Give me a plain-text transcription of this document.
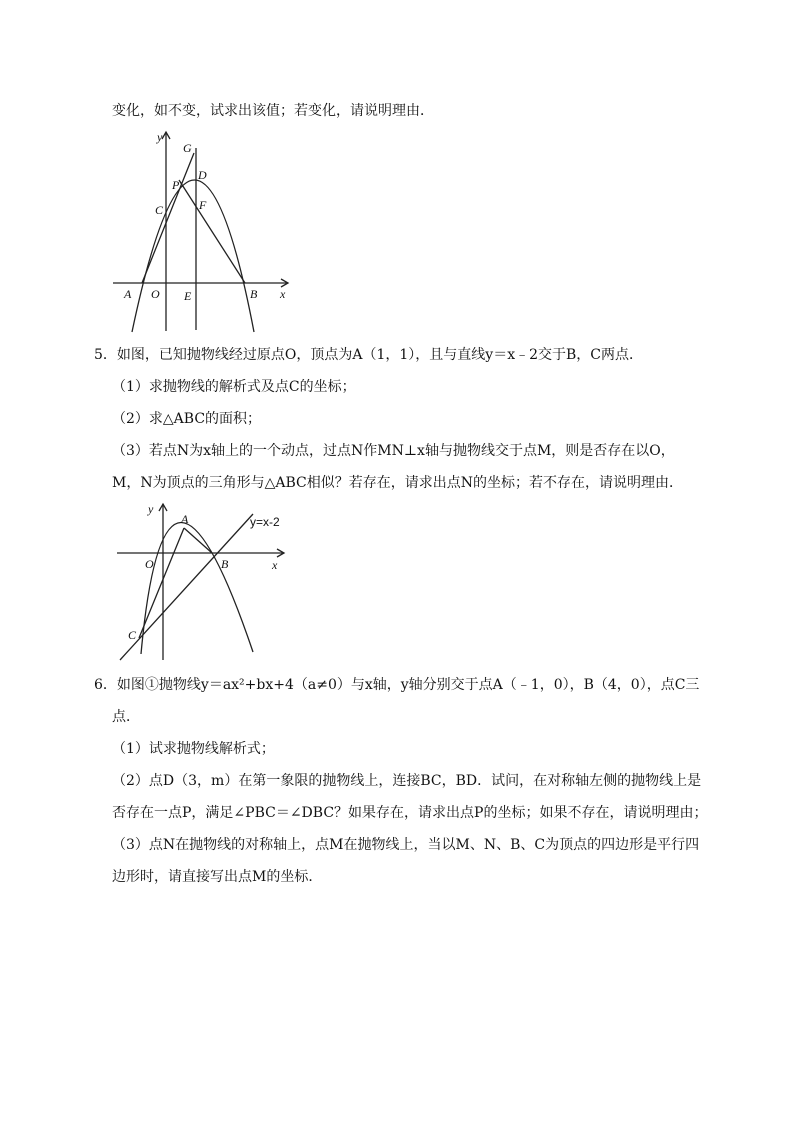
变化，如不变，试求出该值；若变化，请说明理由．
y
G
D
P
C	F
A O E	B x
5．如图，已知抛物线经过原点O，顶点为A（1，1），且与直线y＝x﹣2交于B，C两点．
（1）求抛物线的解析式及点C的坐标；
（2）求△ABC的面积；
（3）若点N为x轴上的一个动点，过点N作MN⊥x轴与抛物线交于点M，则是否存在以O，
M，N为顶点的三角形与△ABC相似？若存在，请求出点N的坐标；若不存在，请说明理由．
y
A	y=x-2
O	B	x
C
6．如图①抛物线y＝ax²+bx+4（a≠0）与x轴，y轴分别交于点A（﹣1，0），B（4，0），点C三
点．
（1）试求抛物线解析式；
（2）点D（3，m）在第一象限的抛物线上，连接BC，BD．试问，在对称轴左侧的抛物线上是
否存在一点P，满足∠PBC＝∠DBC？如果存在，请求出点P的坐标；如果不存在，请说明理由；
（3）点N在抛物线的对称轴上，点M在抛物线上，当以M、N、B、C为顶点的四边形是平行四
边形时，请直接写出点M的坐标．
